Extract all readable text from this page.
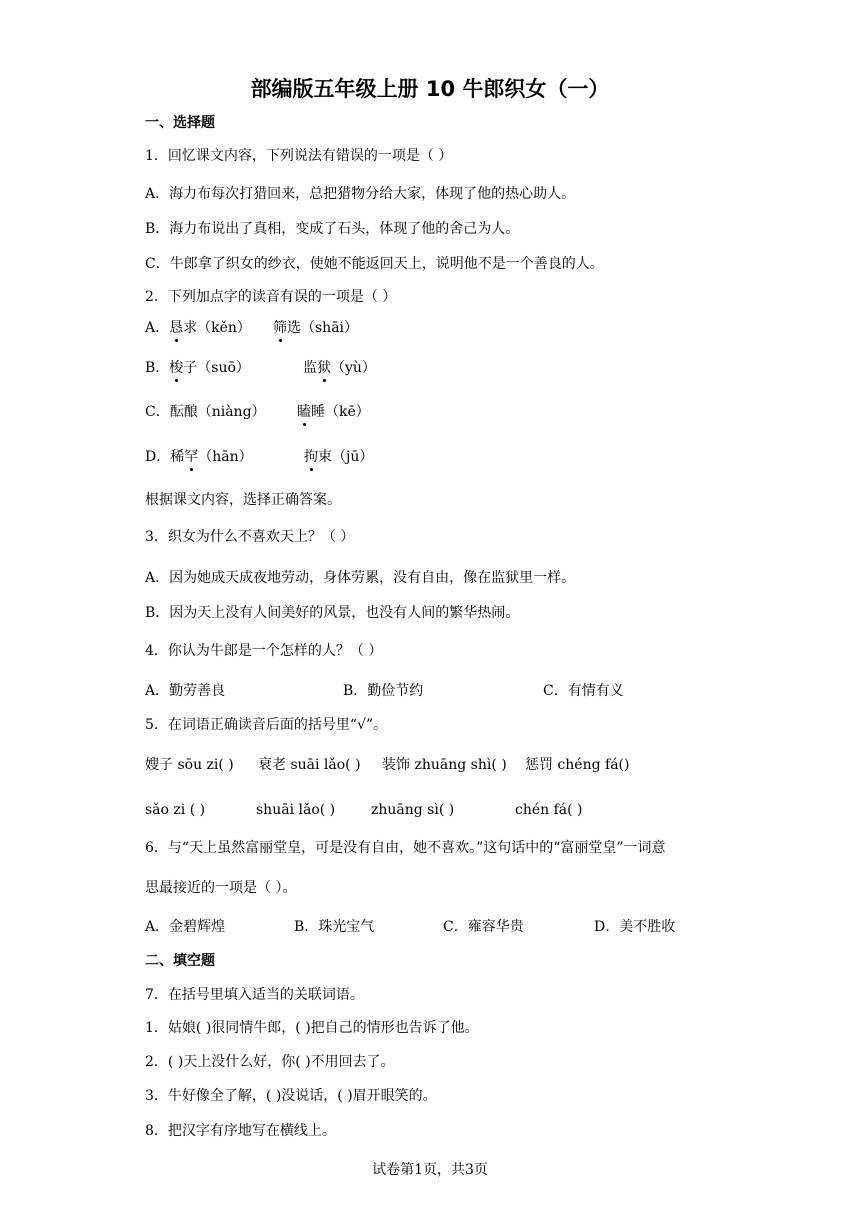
部编版五年级上册 10 牛郎织女（一）
一、选择题
1．回忆课文内容，下列说法有错误的一项是（ ）
A．海力布每次打猎回来，总把猎物分给大家，体现了他的热心助人。
B．海力布说出了真相，变成了石头，体现了他的舍己为人。
C．牛郎拿了织女的纱衣，使她不能返回天上，说明他不是一个善良的人。
2．下列加点字的读音有误的一项是（ ）
A．恳求（kěn） 筛选（shāi）
B．梭子（suō）	监狱（yù）
C．酝酿（niàng） 瞌睡（kē）
D．稀罕（hān）	拘束（jū）
根据课文内容，选择正确答案。
3．织女为什么不喜欢天上？（ ）
A．因为她成天成夜地劳动，身体劳累，没有自由，像在监狱里一样。
B．因为天上没有人间美好的风景，也没有人间的繁华热闹。
4．你认为牛郎是一个怎样的人？（ ）
A．勤劳善良	B．勤俭节约	C．有情有义
5．在词语正确读音后面的括号里“√”。
嫂子 sōu zi( ) 衰老 suāi lǎo( ) 装饰 zhuāng shì( ) 惩罚 chéng fá()
sǎo zi ( )	shuāi lǎo( )	zhuāng sì( )	chén fá( )
6．与“天上虽然富丽堂皇，可是没有自由，她不喜欢。”这句话中的“富丽堂皇”一词意
思最接近的一项是（ ）。
A．金碧辉煌	B．珠光宝气	C．雍容华贵	D．美不胜收
二、填空题
7．在括号里填入适当的关联词语。
1．姑娘( )很同情牛郎，( )把自己的情形也告诉了他。
2．( )天上没什么好，你( )不用回去了。
3．牛好像全了解，( )没说话，( )眉开眼笑的。
8．把汉字有序地写在横线上。
试卷第1页，共3页
